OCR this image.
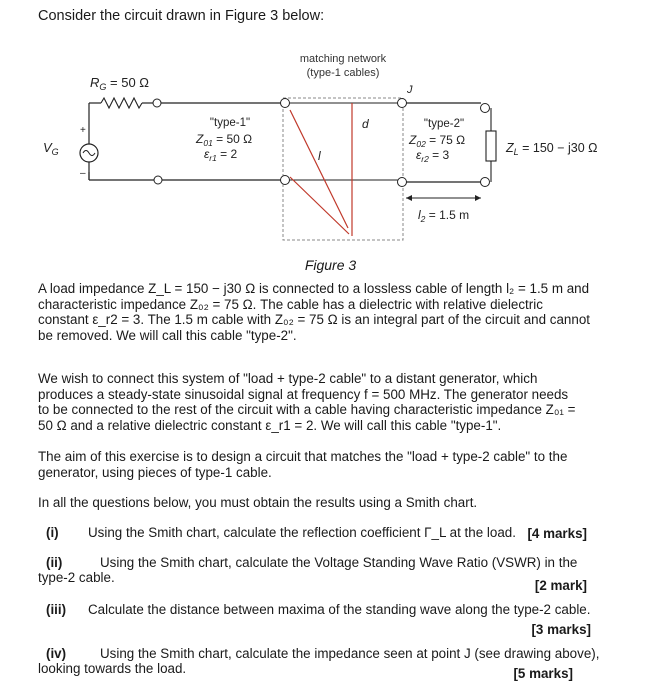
Consider the circuit drawn in Figure 3 below:
matching network
(type-1 cables)
+
–
$R_G = 50$ Ω
$V_G$
"type-1"
$Z_{01} = 50$ Ω
$\varepsilon_{r1} = 2$
d
l
J
"type-2"
$Z_{02} = 75$ Ω
$\varepsilon_{r2} = 3$	$Z_L = 150 - j30$ Ω
$l_2 = 1.5$ m
Figure 3
A load impedance Z_L = 150 − j30 Ω is connected to a lossless cable of length l₂ = 1.5 m and
characteristic impedance Z₀₂ = 75 Ω. The cable has a dielectric with relative dielectric
constant ε_r2 = 3. The 1.5 m cable with Z₀₂ = 75 Ω is an integral part of the circuit and cannot
be removed. We will call this cable "type-2".
We wish to connect this system of "load + type-2 cable" to a distant generator, which
produces a steady-state sinusoidal signal at frequency f = 500 MHz. The generator needs
to be connected to the rest of the circuit with a cable having characteristic impedance Z₀₁ =
50 Ω and a relative dielectric constant ε_r1 = 2. We will call this cable "type-1".
The aim of this exercise is to design a circuit that matches the "load + type-2 cable" to the
generator, using pieces of type-1 cable.
In all the questions below, you must obtain the results using a Smith chart.
(i) Using the Smith chart, calculate the reflection coefficient Γ_L at the load. [4 marks]
(ii)	Using the Smith chart, calculate the Voltage Standing Wave Ratio (VSWR) in the
type-2 cable.
[2 mark]
(iii) Calculate the distance between maxima of the standing wave along the type-2 cable.
[3 marks]
(iv)	Using the Smith chart, calculate the impedance seen at point J (see drawing above),
looking towards the load.	[5 marks]
